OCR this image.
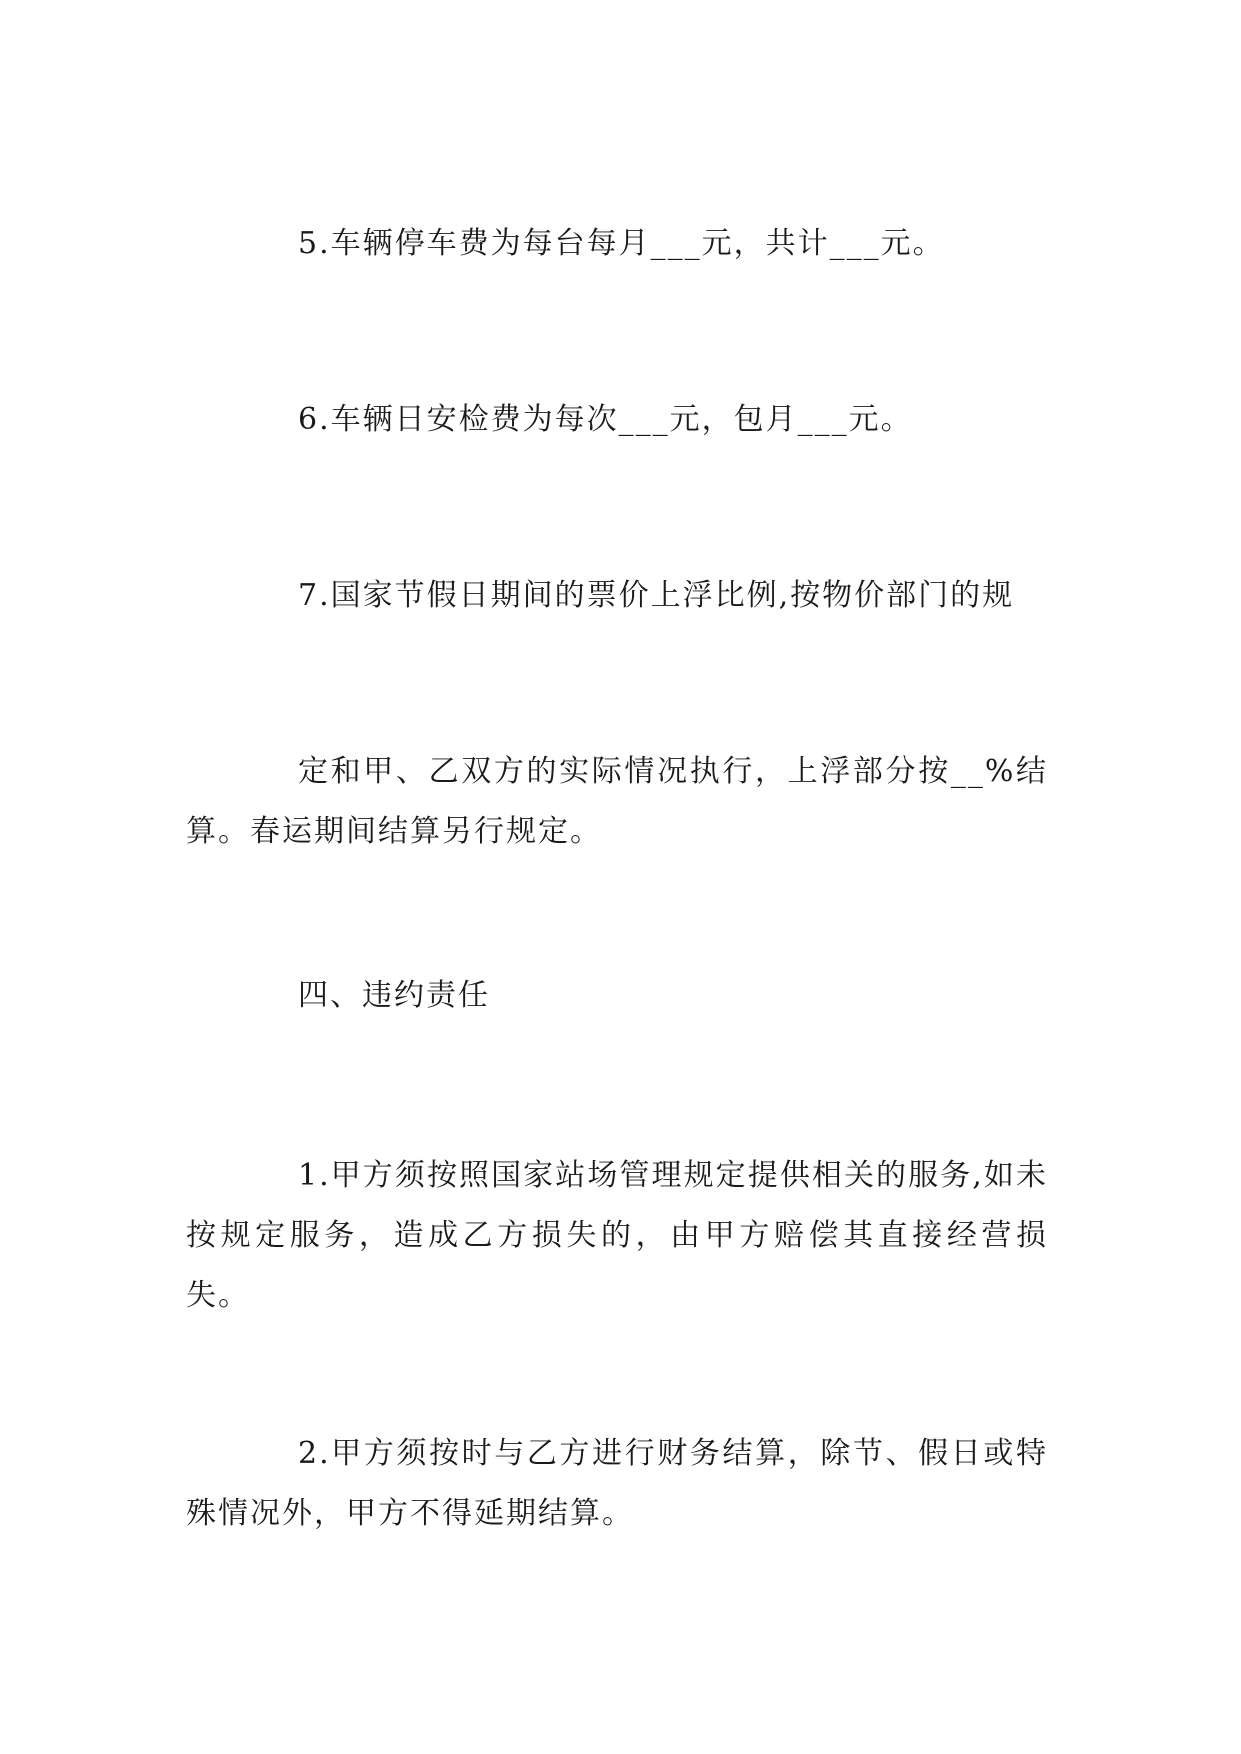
5.车辆停车费为每台每月___元，共计___元。

6.车辆日安检费为每次___元，包月___元。

7.国家节假日期间的票价上浮比例,按物价部门的规

定和甲、乙双方的实际情况执行，上浮部分按__%结算。春运期间结算另行规定。

四、违约责任

1.甲方须按照国家站场管理规定提供相关的服务,如未按规定服务，造成乙方损失的，由甲方赔偿其直接经营损失。

2.甲方须按时与乙方进行财务结算，除节、假日或特殊情况外，甲方不得延期结算。
